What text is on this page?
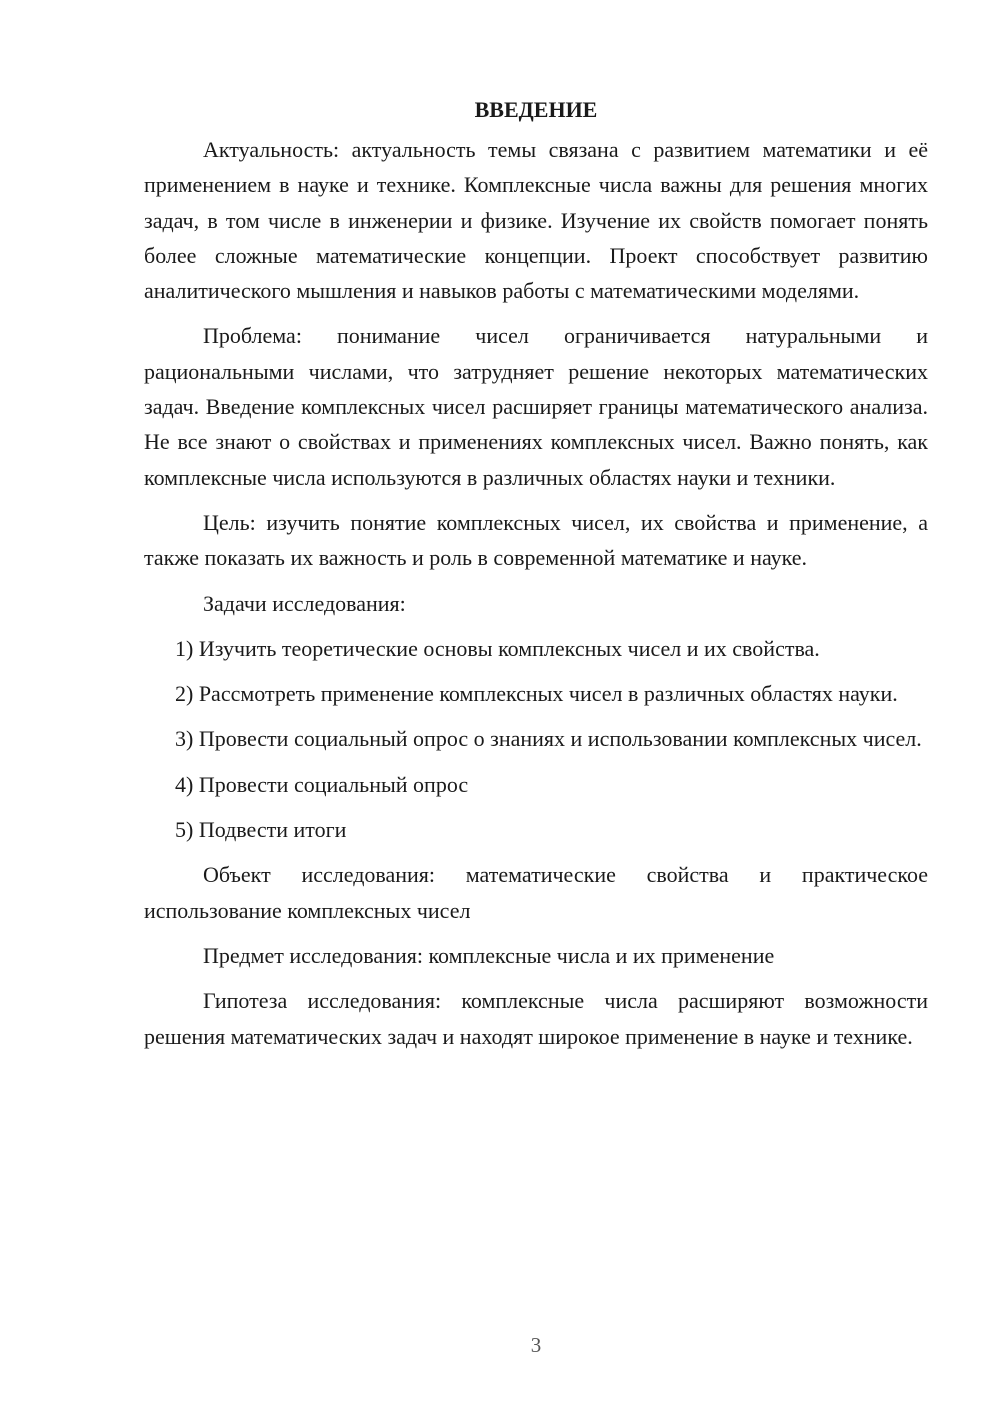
ВВЕДЕНИЕ

Актуальность: актуальность темы связана с развитием математики и её применением в науке и технике. Комплексные числа важны для решения многих задач, в том числе в инженерии и физике. Изучение их свойств помогает понять более сложные математические концепции. Проект способствует развитию аналитического мышления и навыков работы с математическими моделями.

Проблема: понимание чисел ограничивается натуральными и рациональными числами, что затрудняет решение некоторых математических задач. Введение комплексных чисел расширяет границы математического анализа. Не все знают о свойствах и применениях комплексных чисел. Важно понять, как комплексные числа используются в различных областях науки и техники.

Цель: изучить понятие комплексных чисел, их свойства и применение, а также показать их важность и роль в современной математике и науке.

Задачи исследования:

1) Изучить теоретические основы комплексных чисел и их свойства.

2) Рассмотреть применение комплексных чисел в различных областях науки.

3) Провести социальный опрос о знаниях и использовании комплексных чисел.

4) Провести социальный опрос

5) Подвести итоги

Объект исследования: математические свойства и практическое использование комплексных чисел

Предмет исследования: комплексные числа и их применение

Гипотеза исследования: комплексные числа расширяют возможности решения математических задач и находят широкое применение в науке и технике.

3
